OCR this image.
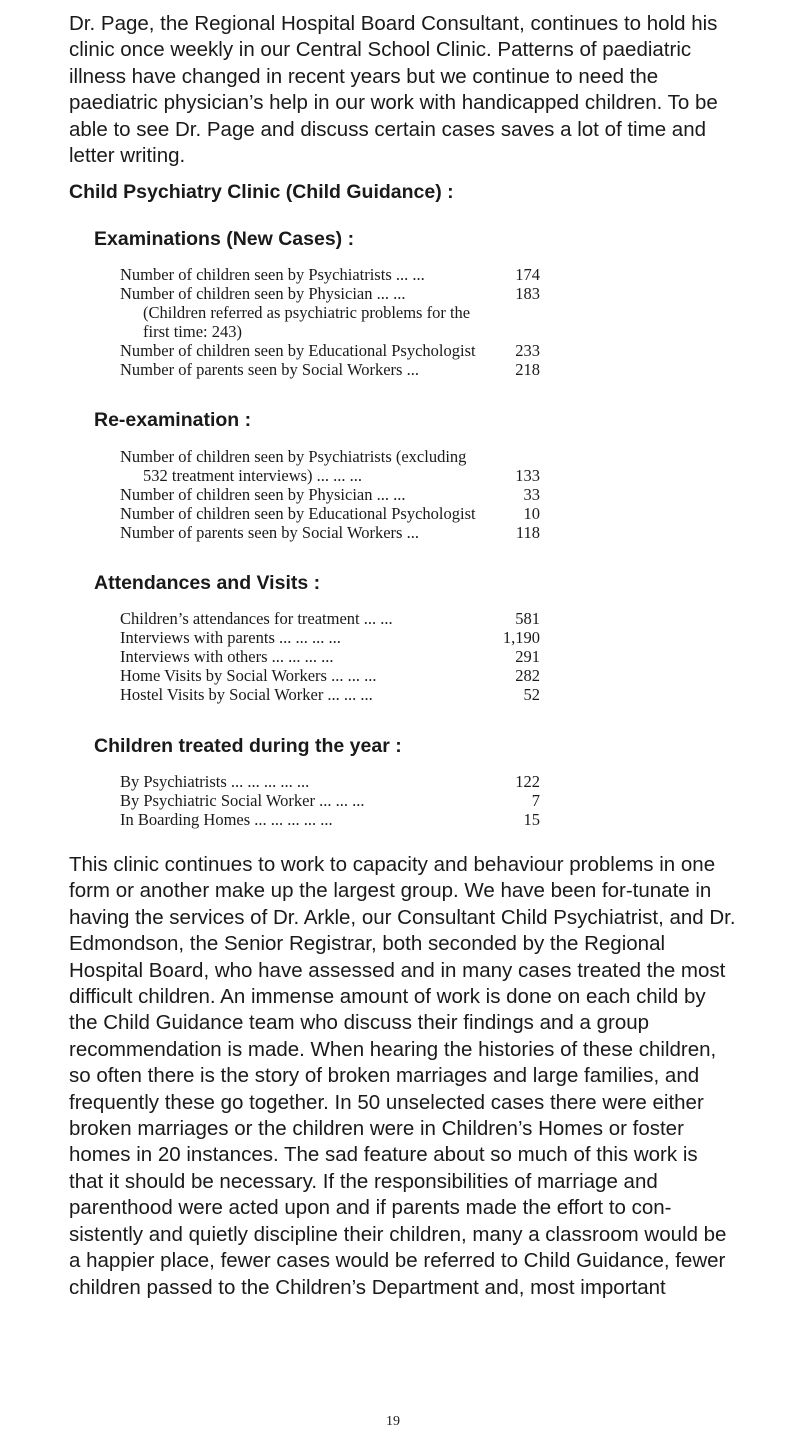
Dr. Page, the Regional Hospital Board Consultant, continues to hold his clinic once weekly in our Central School Clinic. Patterns of paediatric illness have changed in recent years but we continue to need the paediatric physician’s help in our work with handicapped children. To be able to see Dr. Page and discuss certain cases saves a lot of time and letter writing.

Child Psychiatry Clinic (Child Guidance) :
Examinations (New Cases) :
Number of children seen by Psychiatrists ... ...	174
Number of children seen by Physician ... ...	183
(Children referred as psychiatric problems for the
first time: 243)
Number of children seen by Educational Psychologist 233
Number of parents seen by Social Workers ...	218
Re-examination :
Number of children seen by Psychiatrists (excluding
532 treatment interviews) ... ... ...	133
Number of children seen by Physician ... ...	33
Number of children seen by Educational Psychologist	10
Number of parents seen by Social Workers ...	118
Attendances and Visits :
Children’s attendances for treatment ... ...	581
Interviews with parents ... ... ... ...	1,190
Interviews with others ... ... ... ...	291
Home Visits by Social Workers ... ... ...	282
Hostel Visits by Social Worker ... ... ...	52
Children treated during the year :
By Psychiatrists ... ... ... ... ...	122
By Psychiatric Social Worker ... ... ...	7
In Boarding Homes ... ... ... ... ...	15

This clinic continues to work to capacity and behaviour problems in one form or another make up the largest group. We have been for-tunate in having the services of Dr. Arkle, our Consultant Child Psychiatrist, and Dr. Edmondson, the Senior Registrar, both seconded by the Regional Hospital Board, who have assessed and in many cases treated the most difficult children. An immense amount of work is done on each child by the Child Guidance team who discuss their findings and a group recommendation is made. When hearing the histories of these children, so often there is the story of broken marriages and large families, and frequently these go together. In 50 unselected cases there were either broken marriages or the children were in Children’s Homes or foster homes in 20 instances. The sad feature about so much of this work is that it should be necessary. If the responsibilities of marriage and parenthood were acted upon and if parents made the effort to con-sistently and quietly discipline their children, many a classroom would be a happier place, fewer cases would be referred to Child Guidance, fewer children passed to the Children’s Department and, most important

19
